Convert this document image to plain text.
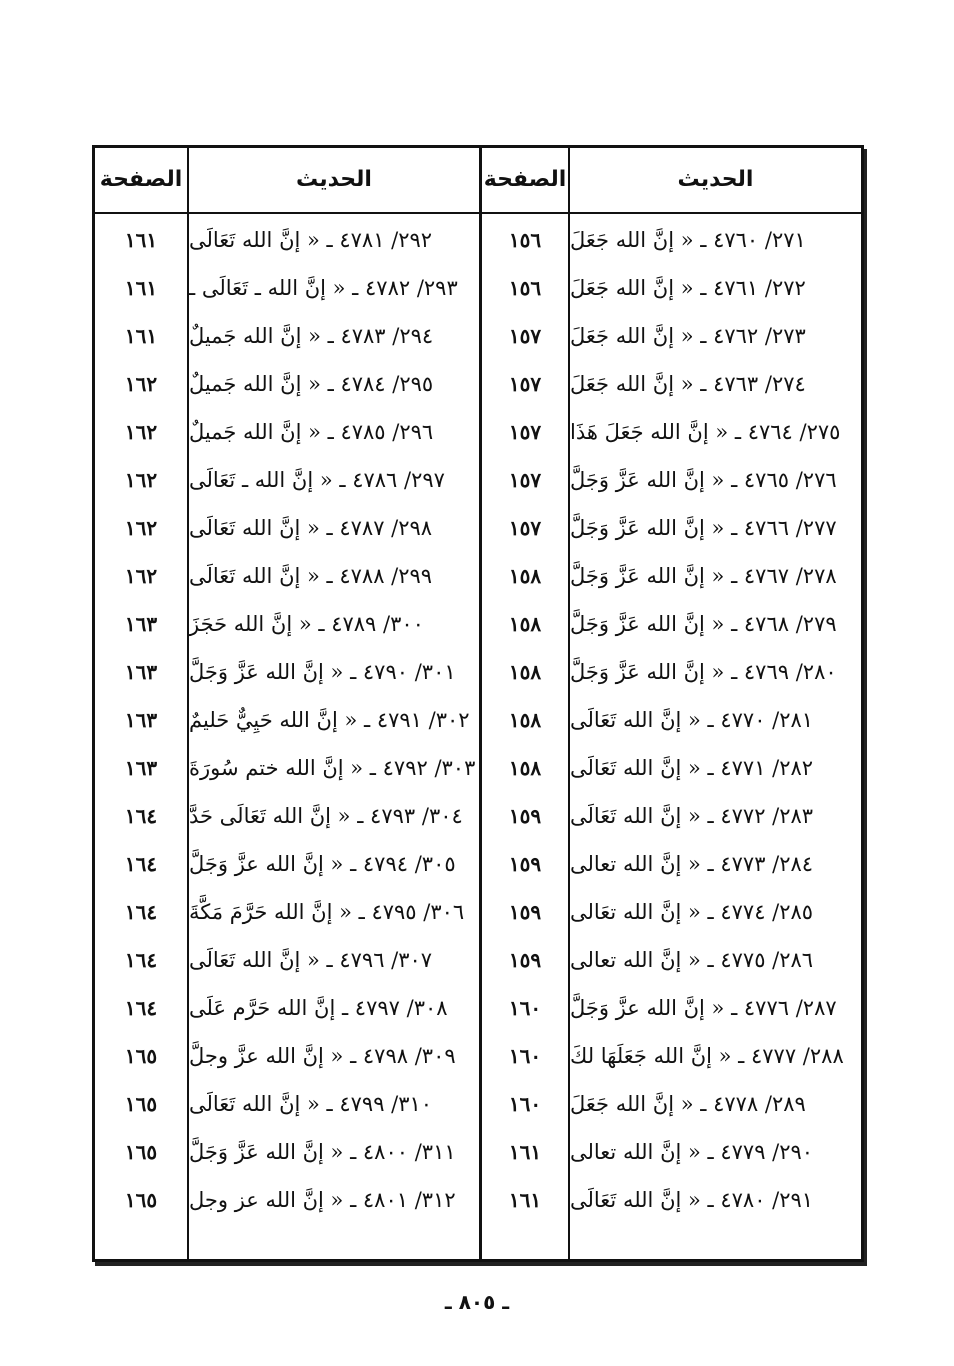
الصفحة	الحديث	الصفحة	الحديث
١٦١	٢٩٢/ ٤٧٨١ ـ « إنَّ الله تَعَالَى	١٥٦	٢٧١/ ٤٧٦٠ ـ « إنَّ الله جَعَلَ
١٦١	٢٩٣/ ٤٧٨٢ ـ « إنَّ الله ـ تَعَالَى ـ	١٥٦	٢٧٢/ ٤٧٦١ ـ « إنَّ الله جَعَلَ
١٦١	٢٩٤/ ٤٧٨٣ ـ « إنَّ الله جَميلٌ	١٥٧	٢٧٣/ ٤٧٦٢ ـ « إنَّ الله جَعَلَ
١٦٢	٢٩٥/ ٤٧٨٤ ـ « إنَّ الله جَميلٌ	١٥٧	٢٧٤/ ٤٧٦٣ ـ « إنَّ الله جَعَلَ
١٦٢	٢٩٦/ ٤٧٨٥ ـ « إنَّ الله جَميلٌ	١٥٧	٢٧٥/ ٤٧٦٤ ـ « إنَّ الله جَعَلَ هَذَا
١٦٢	٢٩٧/ ٤٧٨٦ ـ « إنَّ الله ـ تَعَالَى	١٥٧	٢٧٦/ ٤٧٦٥ ـ « إنَّ الله عَزَّ وَجَلَّ
١٦٢	٢٩٨/ ٤٧٨٧ ـ « إنَّ الله تَعَالَى	١٥٧	٢٧٧/ ٤٧٦٦ ـ « إنَّ الله عَزَّ وَجَلَّ
١٦٢	٢٩٩/ ٤٧٨٨ ـ « إنَّ الله تَعَالَى	١٥٨	٢٧٨/ ٤٧٦٧ ـ « إنَّ الله عَزَّ وَجَلَّ
١٦٣	٣٠٠/ ٤٧٨٩ ـ « إنَّ الله حَجَزَ	١٥٨	٢٧٩/ ٤٧٦٨ ـ « إنَّ الله عَزَّ وَجَلَّ
١٦٣	٣٠١/ ٤٧٩٠ ـ « إنَّ الله عَزَّ وَجَلَّ	١٥٨	٢٨٠/ ٤٧٦٩ ـ « إنَّ الله عَزَّ وَجَلَّ
١٦٣	٣٠٢/ ٤٧٩١ ـ « إنَّ الله حَيِيٌّ حَليمٌ	١٥٨	٢٨١/ ٤٧٧٠ ـ « إنَّ الله تَعَالَى
١٦٣	٣٠٣/ ٤٧٩٢ ـ « إنَّ الله ختم سُورَةَ	١٥٨	٢٨٢/ ٤٧٧١ ـ « إنَّ الله تَعَالَى
١٦٤	٣٠٤/ ٤٧٩٣ ـ « إنَّ الله تَعَالَى حَدَّ	١٥٩	٢٨٣/ ٤٧٧٢ ـ « إنَّ الله تَعَالَى
١٦٤	٣٠٥/ ٤٧٩٤ ـ « إنَّ الله عزَّ وَجَلَّ	١٥٩	٢٨٤/ ٤٧٧٣ ـ « إنَّ الله تعالى
١٦٤	٣٠٦/ ٤٧٩٥ ـ « إنَّ الله حَرَّمَ مَكَّةَ	١٥٩	٢٨٥/ ٤٧٧٤ ـ « إنَّ الله تعَالى
١٦٤	٣٠٧/ ٤٧٩٦ ـ « إنَّ الله تَعَالَى	١٥٩	٢٨٦/ ٤٧٧٥ ـ « إنَّ الله تعالى
١٦٤	٣٠٨/ ٤٧٩٧ ـ إنَّ الله حَرَّم عَلَى	١٦٠	٢٨٧/ ٤٧٧٦ ـ « إنَّ الله عزَّ وَجَلَّ
١٦٥	٣٠٩/ ٤٧٩٨ ـ « إنَّ الله عزَّ وجلَّ	١٦٠	٢٨٨/ ٤٧٧٧ ـ « إنَّ الله جَعَلَهَا لكَ
١٦٥	٣١٠/ ٤٧٩٩ ـ « إنَّ الله تَعَالَى	١٦٠	٢٨٩/ ٤٧٧٨ ـ « إنَّ الله جَعَلَ
١٦٥	٣١١/ ٤٨٠٠ ـ « إنَّ الله عَزَّ وَجَلَّ	١٦١	٢٩٠/ ٤٧٧٩ ـ « إنَّ الله تعالى
١٦٥	٣١٢/ ٤٨٠١ ـ « إنَّ الله عز وجل	١٦١	٢٩١/ ٤٧٨٠ ـ « إنَّ الله تَعَالَى
ـ ٨٠٥ ـ
